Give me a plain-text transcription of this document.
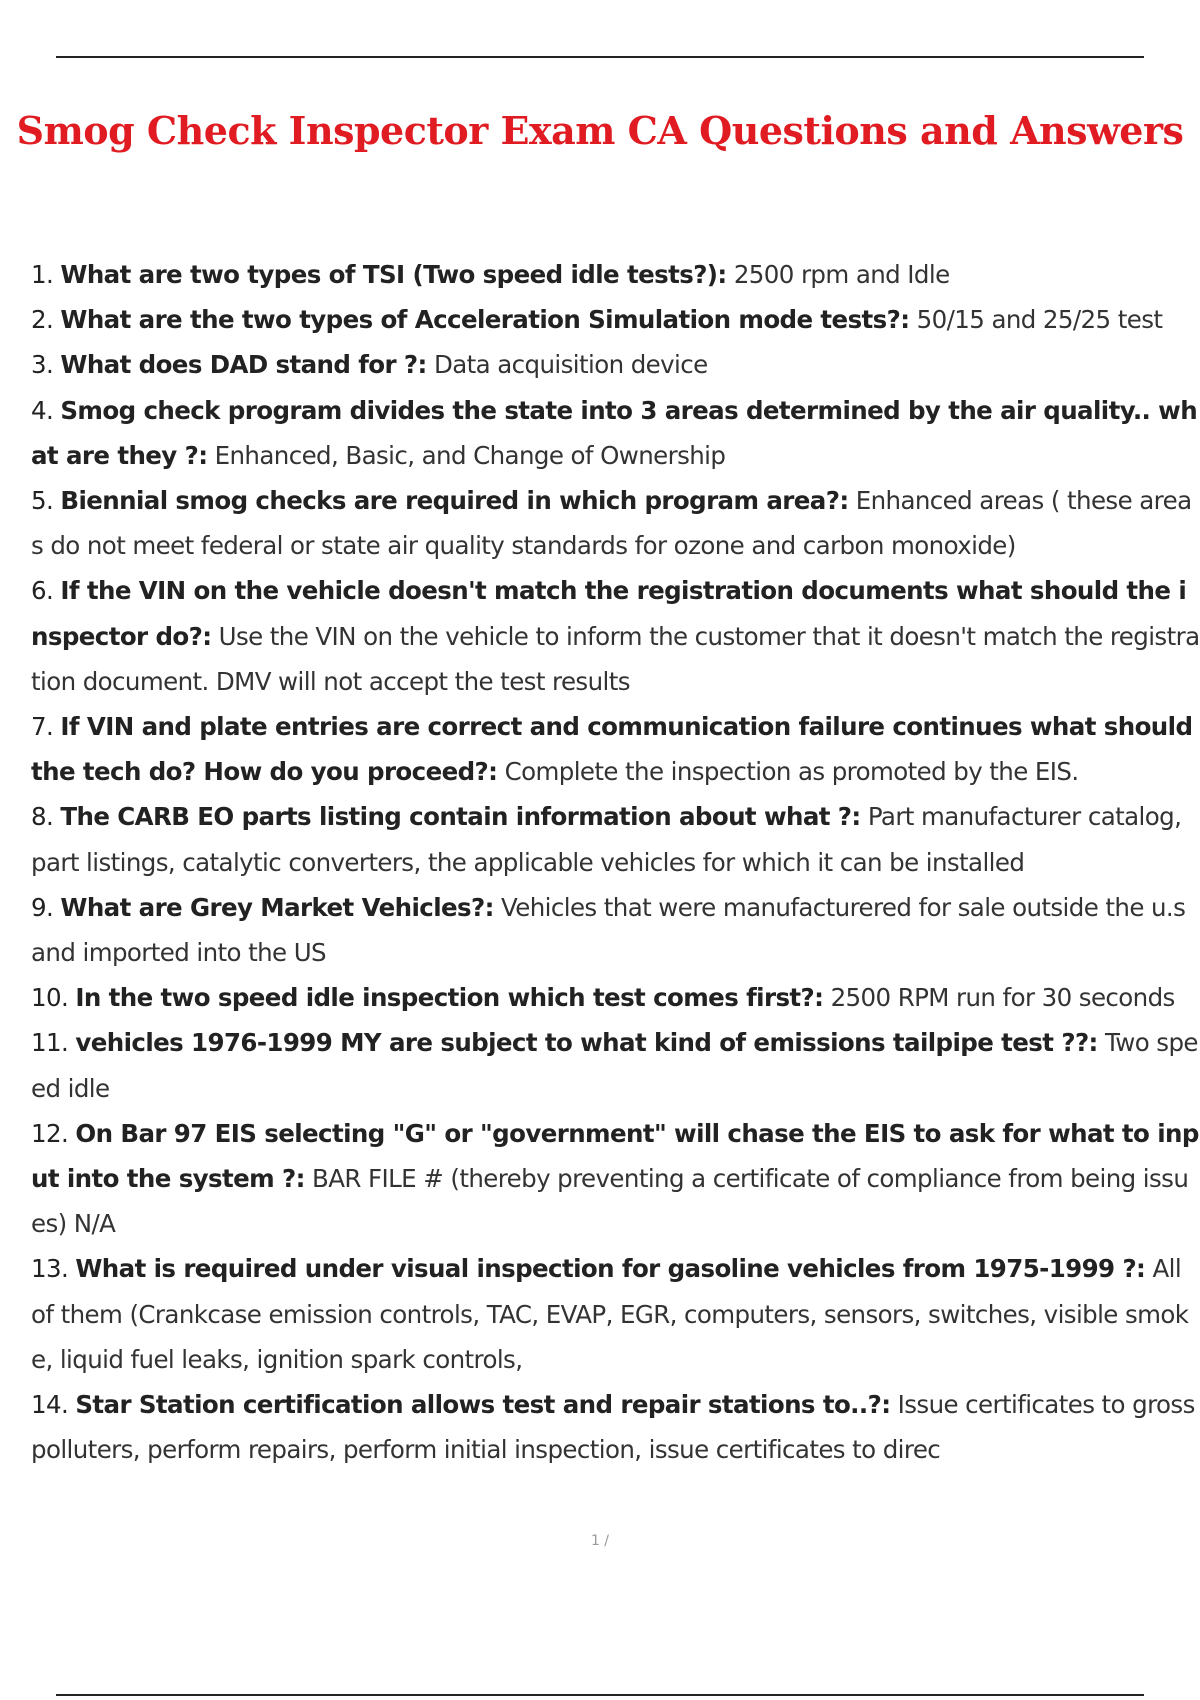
Smog Check Inspector Exam CA Questions and Answers
1. What are two types of TSI (Two speed idle tests?): 2500 rpm and Idle
2. What are the two types of Acceleration Simulation mode tests?: 50/15 and 25/25 test
3. What does DAD stand for ?: Data acquisition device
4. Smog check program divides the state into 3 areas determined by the air quality.. what are they ?: Enhanced, Basic, and Change of Ownership
5. Biennial smog checks are required in which program area?: Enhanced areas ( these areas do not meet federal or state air quality standards for ozone and carbon monoxide)
6. If the VIN on the vehicle doesn't match the registration documents what should the inspector do?: Use the VIN on the vehicle to inform the customer that it doesn't match the registration document. DMV will not accept the test results
7. If VIN and plate entries are correct and communication failure continues what should the tech do? How do you proceed?: Complete the inspection as promoted by the EIS.
8. The CARB EO parts listing contain information about what ?: Part manufacturer catalog, part listings, catalytic converters, the applicable vehicles for which it can be installed
9. What are Grey Market Vehicles?: Vehicles that were manufacturered for sale outside the u.s and imported into the US
10. In the two speed idle inspection which test comes first?: 2500 RPM run for 30 seconds
11. vehicles 1976-1999 MY are subject to what kind of emissions tailpipe test ??: Two speed idle
12. On Bar 97 EIS selecting "G" or "government" will chase the EIS to ask for what to input into the system ?: BAR FILE # (thereby preventing a certificate of compliance from being issues) N/A
13. What is required under visual inspection for gasoline vehicles from 1975-1999 ?: All of them (Crankcase emission controls, TAC, EVAP, EGR, computers, sensors, switches, visible smoke, liquid fuel leaks, ignition spark controls,
14. Star Station certification allows test and repair stations to..?: Issue certificates to gross polluters, perform repairs, perform initial inspection, issue certificates to direc
1 /
